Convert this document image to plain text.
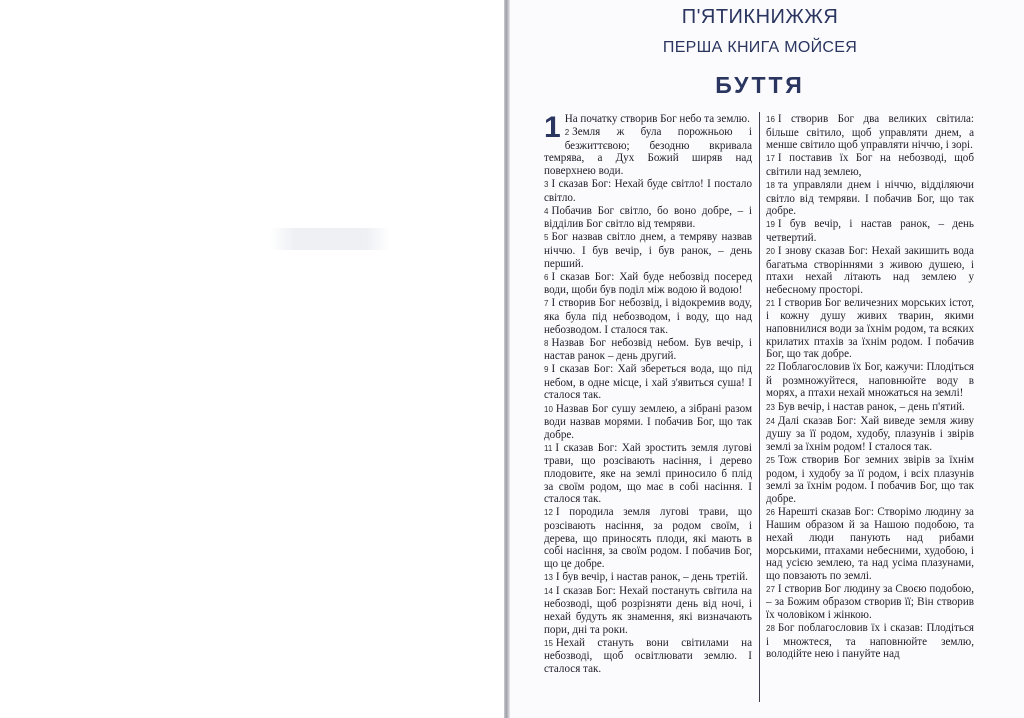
П'ЯТИКНИЖЖЯ
ПЕРША КНИГА МОЙСЕЯ
БУТТЯ
1 На початку створив Бог небо та землю.
2 Земля ж була порожньою і безжиттєвою; безодню вкривала темрява, а Дух Божий ширяв над поверхнею води.
3 І сказав Бог: Нехай буде світло! І постало світло.
4 Побачив Бог світло, бо воно добре, – і відділив Бог світло від темряви.
5 Бог назвав світло днем, а темряву назвав ніччю. І був вечір, і був ранок, – день перший.
6 І сказав Бог: Хай буде небозвід посеред води, щоби був поділ між водою й водою!
7 І створив Бог небозвід, і відокремив воду, яка була під небозводом, і воду, що над небозводом. І сталося так.
8 Назвав Бог небозвід небом. Був вечір, і настав ранок – день другий.
9 І сказав Бог: Хай збереться вода, що під небом, в одне місце, і хай з'явиться суша! І сталося так.
10 Назвав Бог сушу землею, а зібрані разом води назвав морями. І побачив Бог, що так добре.
11 І сказав Бог: Хай зростить земля лугові трави, що розсівають насіння, і дерево плодовите, яке на землі приносило б плід за своїм родом, що має в собі насіння. І сталося так.
12 І породила земля лугові трави, що розсівають насіння, за родом своїм, і дерева, що приносять плоди, які мають в собі насіння, за своїм родом. І побачив Бог, що це добре.
13 І був вечір, і настав ранок, – день третій.
14 І сказав Бог: Нехай постануть світила на небозводі, щоб розрізняти день від ночі, і нехай будуть як знамення, які визначають пори, дні та роки.
15 Нехай стануть вони світилами на небозводі, щоб освітлювати землю. І сталося так.
16 І створив Бог два великих світила: більше світило, щоб управляти днем, а менше світило щоб управляти ніччю, і зорі.
17 І поставив їх Бог на небозводі, щоб світили над землею,
18 та управляли днем і ніччю, відділяючи світло від темряви. І побачив Бог, що так добре.
19 І був вечір, і настав ранок, – день четвертий.
20 І знову сказав Бог: Нехай закишить вода багатьма створіннями з живою душею, і птахи нехай літають над землею у небесному просторі.
21 І створив Бог величезних морських істот, і кожну душу живих тварин, якими наповнилися води за їхнім родом, та всяких крилатих птахів за їхнім родом. І побачив Бог, що так добре.
22 Поблагословив їх Бог, кажучи: Плодіться й розмножуйтеся, наповнюйте воду в морях, а птахи нехай множаться на землі!
23 Був вечір, і настав ранок, – день п'ятий.
24 Далі сказав Бог: Хай виведе земля живу душу за її родом, худобу, плазунів і звірів землі за їхнім родом! І сталося так.
25 Тож створив Бог земних звірів за їхнім родом, і худобу за її родом, і всіх плазунів землі за їхнім родом. І побачив Бог, що так добре.
26 Нарешті сказав Бог: Створімо людину за Нашим образом й за Нашою подобою, та нехай люди панують над рибами морськими, птахами небесними, худобою, і над усією землею, та над усіма плазунами, що повзають по землі.
27 І створив Бог людину за Своєю подобою, – за Божим образом створив її; Він створив їх чоловіком і жінкою.
28 Бог поблагословив їх і сказав: Плодіться і множтеся, та наповнюйте землю, володійте нею і пануйте над
